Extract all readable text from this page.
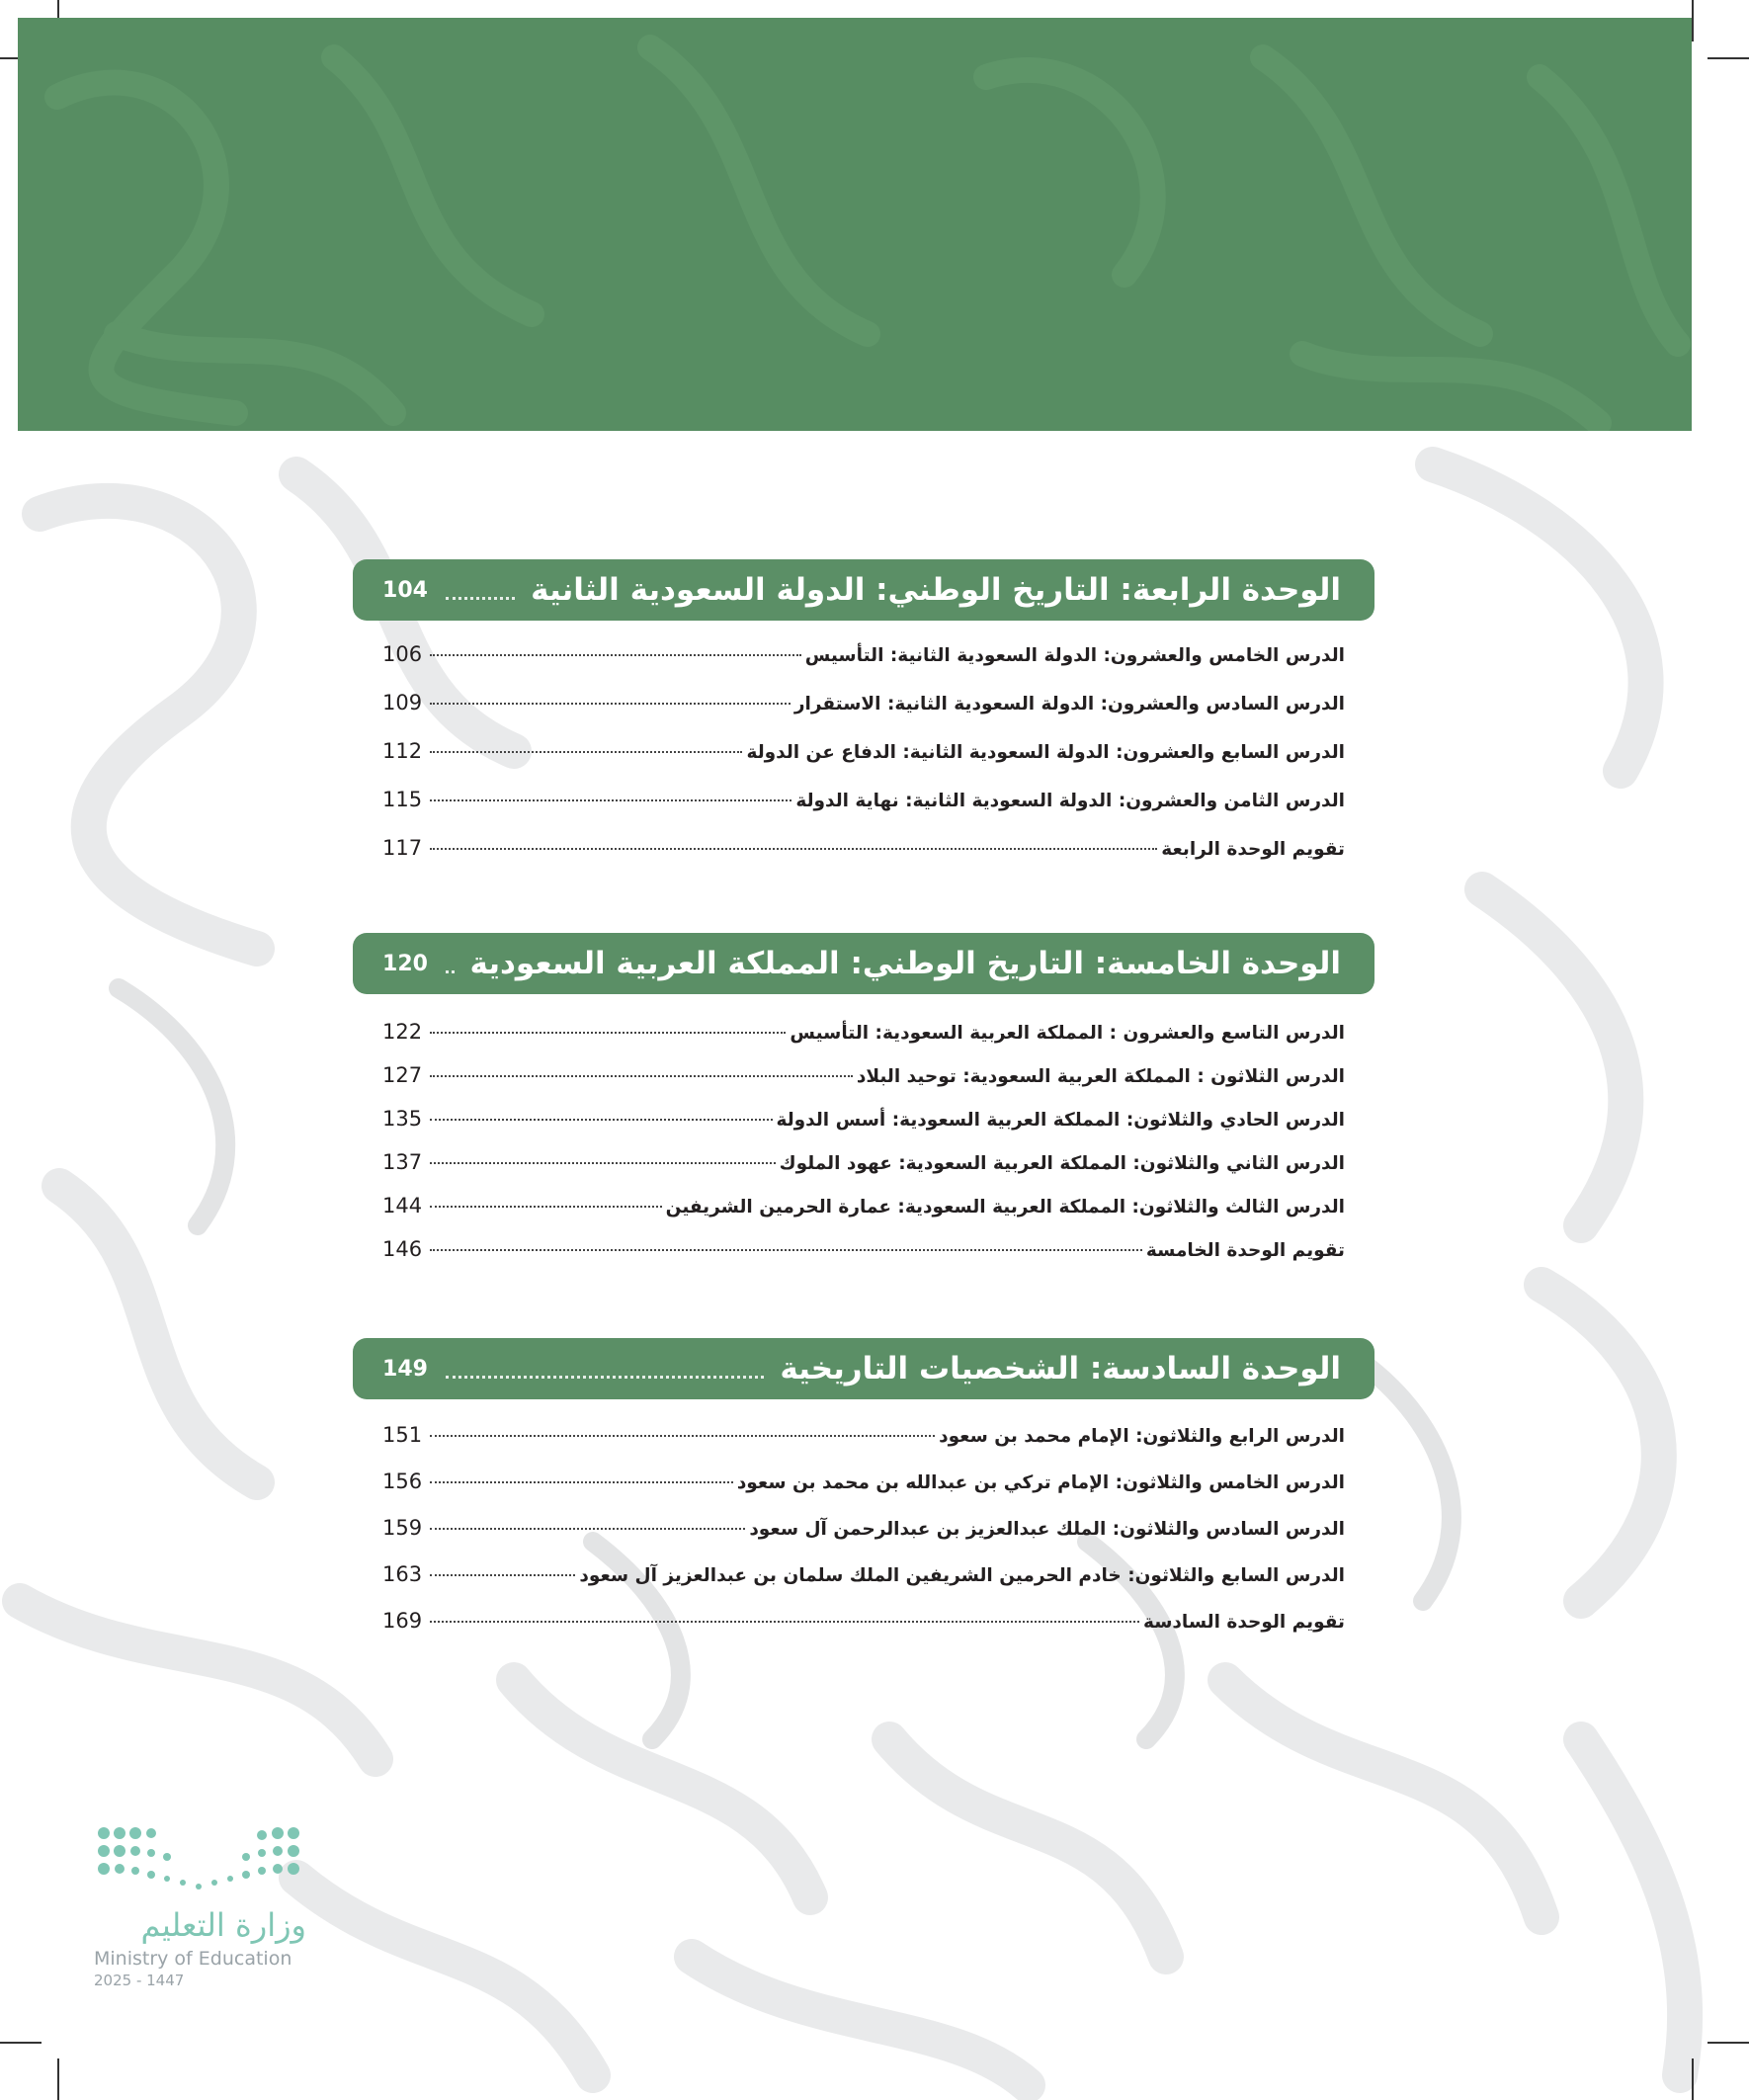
الوحدة الرابعة: التاريخ الوطني: الدولة السعودية الثانية
104
الدرس الخامس والعشرون: الدولة السعودية الثانية: التأسيس
106
الدرس السادس والعشرون: الدولة السعودية الثانية: الاستقرار
109
الدرس السابع والعشرون: الدولة السعودية الثانية: الدفاع عن الدولة
112
الدرس الثامن والعشرون: الدولة السعودية الثانية: نهاية الدولة
115
تقويم الوحدة الرابعة
117
الوحدة الخامسة: التاريخ الوطني: المملكة العربية السعودية
120
الدرس التاسع والعشرون : المملكة العربية السعودية: التأسيس
122
الدرس الثلاثون : المملكة العربية السعودية: توحيد البلاد
127
الدرس الحادي والثلاثون: المملكة العربية السعودية: أسس الدولة
135
الدرس الثاني والثلاثون: المملكة العربية السعودية: عهود الملوك
137
الدرس الثالث والثلاثون: المملكة العربية السعودية: عمارة الحرمين الشريفين
144
تقويم الوحدة الخامسة
146
الوحدة السادسة: الشخصيات التاريخية
149
الدرس الرابع والثلاثون: الإمام محمد بن سعود
151
الدرس الخامس والثلاثون: الإمام تركي بن عبدالله بن محمد بن سعود
156
الدرس السادس والثلاثون: الملك عبدالعزيز بن عبدالرحمن آل سعود
159
الدرس السابع والثلاثون: خادم الحرمين الشريفين الملك سلمان بن عبدالعزيز آل سعود
163
تقويم الوحدة السادسة
169
وزارة التعليم
Ministry of Education
2025 - 1447
